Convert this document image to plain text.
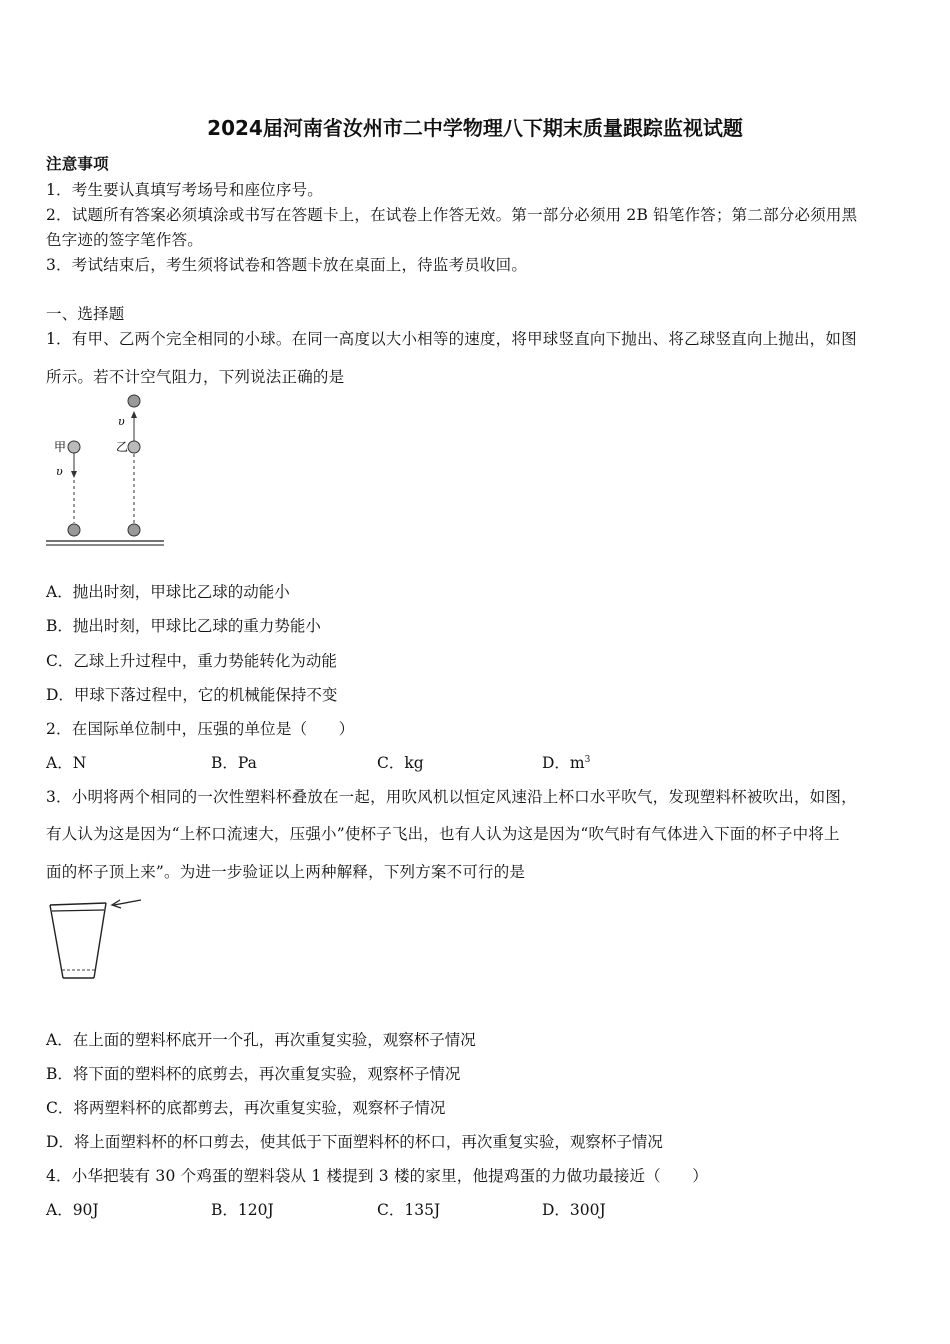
2024届河南省汝州市二中学物理八下期末质量跟踪监视试题
注意事项
1．考生要认真填写考场号和座位序号。
2．试题所有答案必须填涂或书写在答题卡上，在试卷上作答无效。第一部分必须用 2B 铅笔作答；第二部分必须用黑
色字迹的签字笔作答。
3．考试结束后，考生须将试卷和答题卡放在桌面上，待监考员收回。
一、选择题
1．有甲、乙两个完全相同的小球。在同一高度以大小相等的速度，将甲球竖直向下抛出、将乙球竖直向上抛出，如图
所示。若不计空气阻力，下列说法正确的是
甲
υ
乙
υ
A．抛出时刻，甲球比乙球的动能小
B．抛出时刻，甲球比乙球的重力势能小
C．乙球上升过程中，重力势能转化为动能
D．甲球下落过程中，它的机械能保持不变
2．在国际单位制中，压强的单位是（　　）
A．N	B．Pa	C．kg	D．$m^3$
3．小明将两个相同的一次性塑料杯叠放在一起，用吹风机以恒定风速沿上杯口水平吹气，发现塑料杯被吹出，如图，
有人认为这是因为“上杯口流速大，压强小”使杯子飞出，也有人认为这是因为“吹气时有气体进入下面的杯子中将上
面的杯子顶上来”。为进一步验证以上两种解释，下列方案不可行的是
A．在上面的塑料杯底开一个孔，再次重复实验，观察杯子情况
B．将下面的塑料杯的底剪去，再次重复实验，观察杯子情况
C．将两塑料杯的底都剪去，再次重复实验，观察杯子情况
D．将上面塑料杯的杯口剪去，使其低于下面塑料杯的杯口，再次重复实验，观察杯子情况
4．小华把装有 30 个鸡蛋的塑料袋从 1 楼提到 3 楼的家里，他提鸡蛋的力做功最接近（　　）
A．90J	B．120J	C．135J	D．300J
